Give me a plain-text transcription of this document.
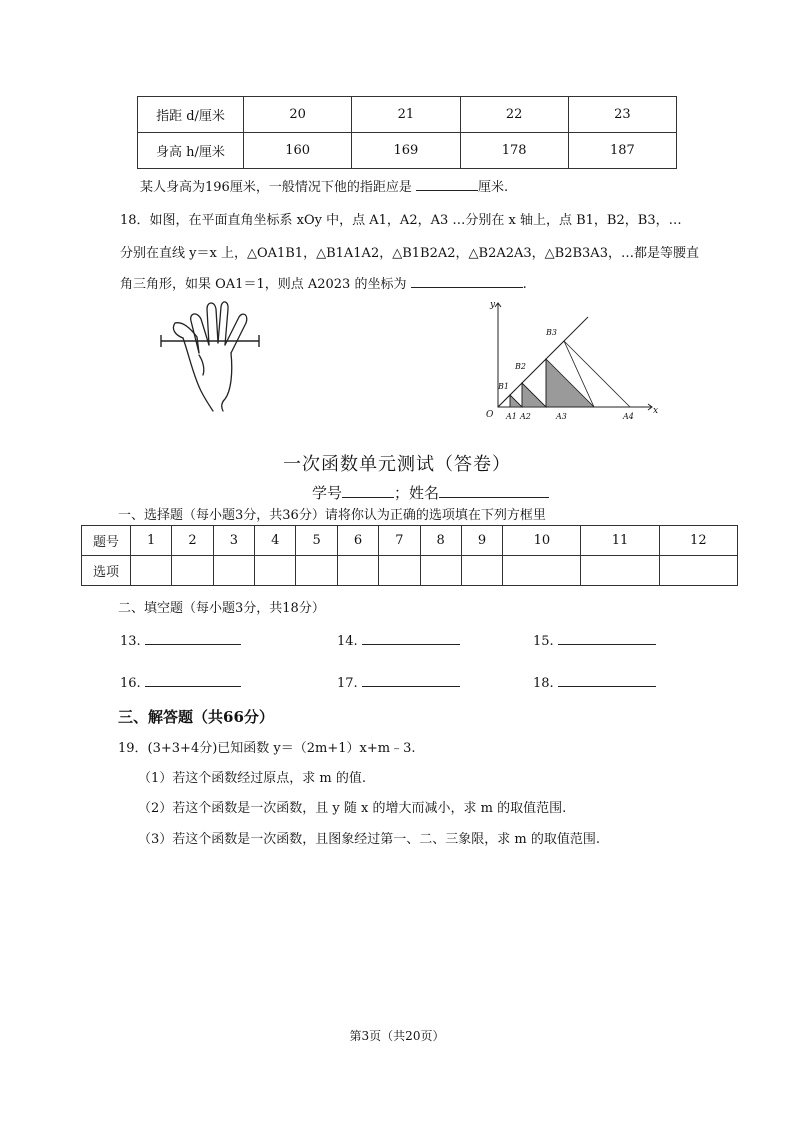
指距 d/厘米	20	21	22	23
身高 h/厘米	160	169	178	187
某人身高为196厘米，一般情况下他的指距应是	厘米.
18．如图，在平面直角坐标系 xOy 中，点 A1，A2，A3 …分别在 x 轴上，点 B1，B2，B3，…
分别在直线 y＝x 上，△OA1B1，△B1A1A2，△B1B2A2，△B2A2A3，△B2B3A3，…都是等腰直
角三角形，如果 OA1＝1，则点 A2023 的坐标为	.
y
x
O A1 A2	A3	A4
B1
B2
B3
一次函数单元测试（答卷）
学号	；姓名
一、选择题（每小题3分，共36分）请将你认为正确的选项填在下列方框里
题号	1	2	3	4	5	6	7	8	9	10	11	12
选项												
二、填空题（每小题3分，共18分）
13.	14.	15.
16.	17.	18.
三、解答题（共66分）
19．(3+3+4分)已知函数 y＝（2m+1）x+m﹣3.
（1）若这个函数经过原点，求 m 的值.
（2）若这个函数是一次函数，且 y 随 x 的增大而减小，求 m 的取值范围.
（3）若这个函数是一次函数，且图象经过第一、二、三象限，求 m 的取值范围.
第3页（共20页）
